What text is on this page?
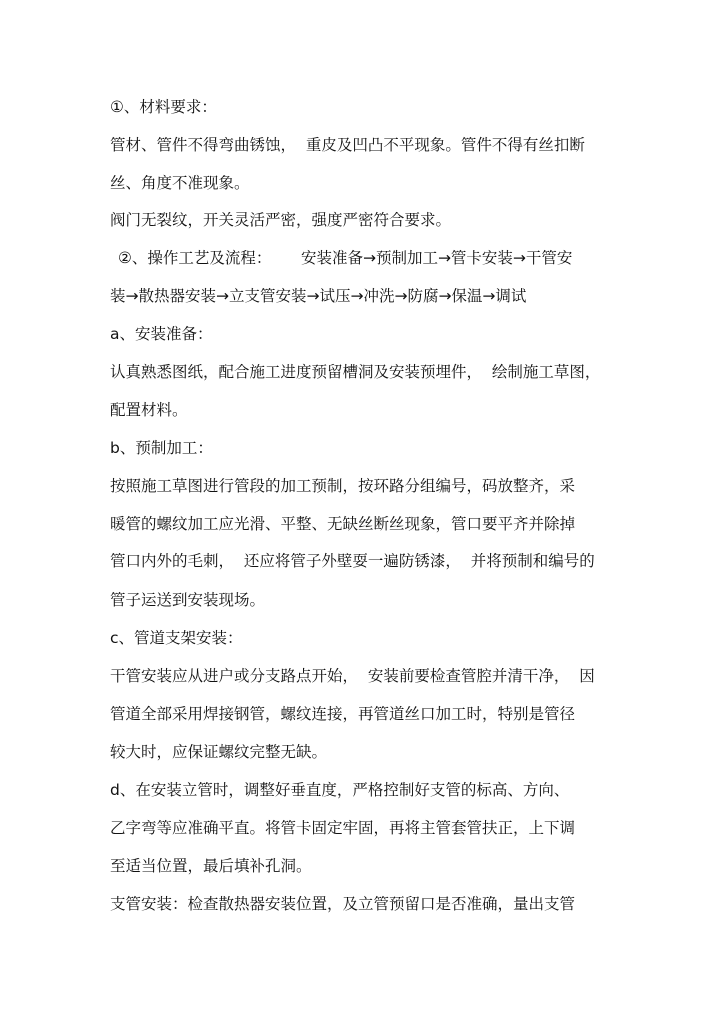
①、材料要求：

管材、管件不得弯曲锈蚀，  重皮及凹凸不平现象。管件不得有丝扣断

丝、角度不准现象。

阀门无裂纹，开关灵活严密，强度严密符合要求。

②、操作工艺及流程：      安装准备→预制加工→管卡安装→干管安

装→散热器安装→立支管安装→试压→冲洗→防腐→保温→调试

a、安装准备：

认真熟悉图纸，配合施工进度预留槽洞及安装预埋件，  绘制施工草图，

配置材料。

b、预制加工：

按照施工草图进行管段的加工预制，按环路分组编号，码放整齐，采

暖管的螺纹加工应光滑、平整、无缺丝断丝现象，管口要平齐并除掉

管口内外的毛刺，  还应将管子外壁耍一遍防锈漆，  并将预制和编号的

管子运送到安装现场。

c、管道支架安装：

干管安装应从进户或分支路点开始，  安装前要检查管腔并清干净，  因

管道全部采用焊接钢管，螺纹连接，再管道丝口加工时，特别是管径

较大时，应保证螺纹完整无缺。

d、在安装立管时，调整好垂直度，严格控制好支管的标高、方向、

乙字弯等应准确平直。将管卡固定牢固，再将主管套管扶正，上下调

至适当位置，最后填补孔洞。

支管安装：检查散热器安装位置，及立管预留口是否准确，量出支管
